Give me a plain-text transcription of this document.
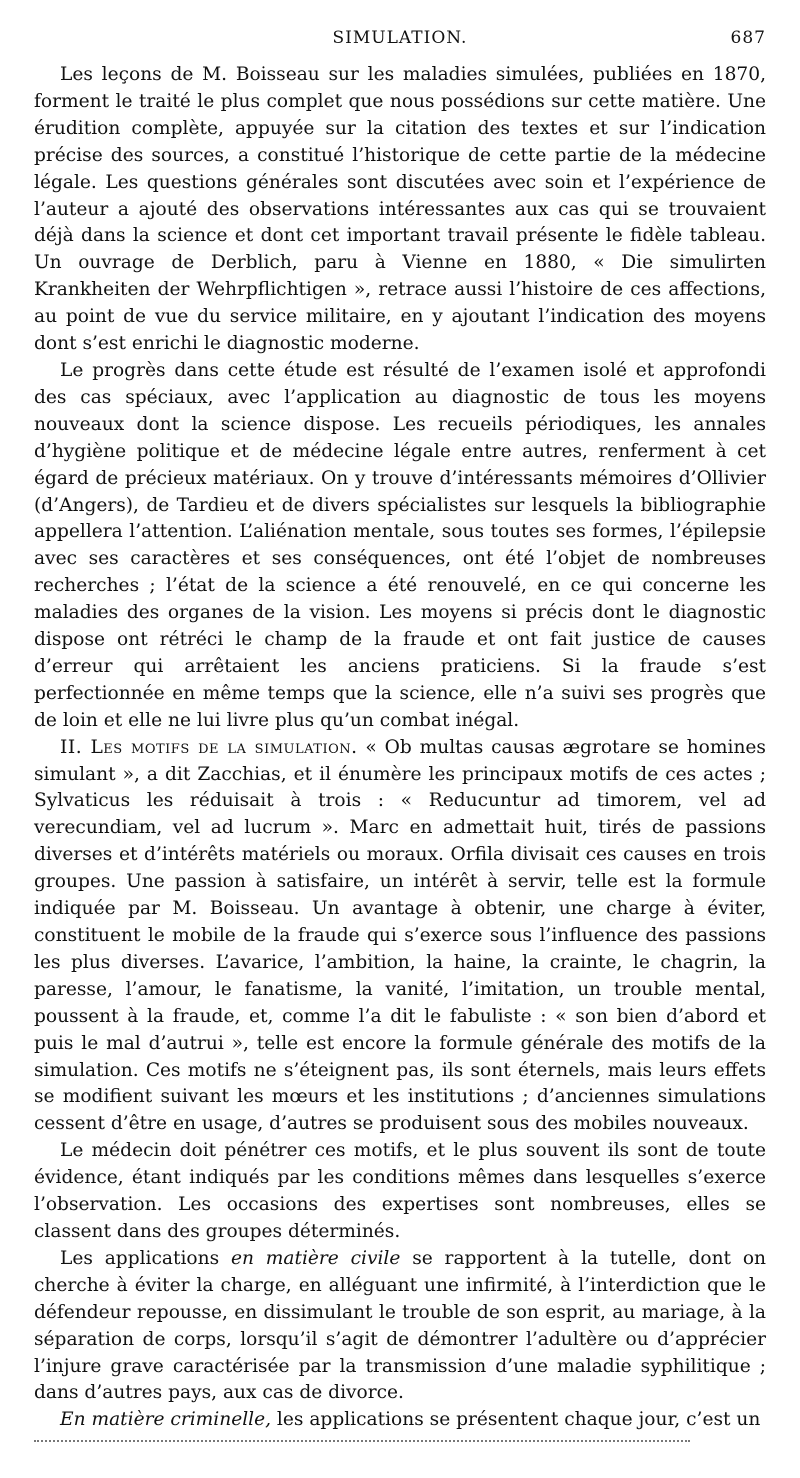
SIMULATION.	687

Les leçons de M. Boisseau sur les maladies simulées, publiées en 1870, forment le traité le plus complet que nous possédions sur cette matière. Une érudition complète, appuyée sur la citation des textes et sur l’indication précise des sources, a constitué l’historique de cette partie de la médecine légale. Les questions générales sont discutées avec soin et l’expérience de l’auteur a ajouté des observations intéressantes aux cas qui se trouvaient déjà dans la science et dont cet important travail présente le fidèle tableau. Un ouvrage de Derblich, paru à Vienne en 1880, « Die simulirten Krankheiten der Wehrpflichtigen », retrace aussi l’histoire de ces affections, au point de vue du service militaire, en y ajoutant l’indication des moyens dont s’est enrichi le diagnostic moderne.

Le progrès dans cette étude est résulté de l’examen isolé et approfondi des cas spéciaux, avec l’application au diagnostic de tous les moyens nouveaux dont la science dispose. Les recueils périodiques, les annales d’hygiène politique et de médecine légale entre autres, renferment à cet égard de précieux matériaux. On y trouve d’intéressants mémoires d’Ollivier (d’Angers), de Tardieu et de divers spécialistes sur lesquels la bibliographie appellera l’attention. L’aliénation mentale, sous toutes ses formes, l’épilepsie avec ses caractères et ses conséquences, ont été l’objet de nombreuses recherches ; l’état de la science a été renouvelé, en ce qui concerne les maladies des organes de la vision. Les moyens si précis dont le diagnostic dispose ont rétréci le champ de la fraude et ont fait justice de causes d’erreur qui arrêtaient les anciens praticiens. Si la fraude s’est perfectionnée en même temps que la science, elle n’a suivi ses progrès que de loin et elle ne lui livre plus qu’un combat inégal.

II. Les motifs de la simulation. « Ob multas causas ægrotare se homines simulant », a dit Zacchias, et il énumère les principaux motifs de ces actes ; Sylvaticus les réduisait à trois : « Reducuntur ad timorem, vel ad verecundiam, vel ad lucrum ». Marc en admettait huit, tirés de passions diverses et d’intérêts matériels ou moraux. Orfila divisait ces causes en trois groupes. Une passion à satisfaire, un intérêt à servir, telle est la formule indiquée par M. Boisseau. Un avantage à obtenir, une charge à éviter, constituent le mobile de la fraude qui s’exerce sous l’influence des passions les plus diverses. L’avarice, l’ambition, la haine, la crainte, le chagrin, la paresse, l’amour, le fanatisme, la vanité, l’imitation, un trouble mental, poussent à la fraude, et, comme l’a dit le fabuliste : « son bien d’abord et puis le mal d’autrui », telle est encore la formule générale des motifs de la simulation. Ces motifs ne s’éteignent pas, ils sont éternels, mais leurs effets se modifient suivant les mœurs et les institutions ; d’anciennes simulations cessent d’être en usage, d’autres se produisent sous des mobiles nouveaux.

Le médecin doit pénétrer ces motifs, et le plus souvent ils sont de toute évidence, étant indiqués par les conditions mêmes dans lesquelles s’exerce l’observation. Les occasions des expertises sont nombreuses, elles se classent dans des groupes déterminés.

Les applications en matière civile se rapportent à la tutelle, dont on cherche à éviter la charge, en alléguant une infirmité, à l’interdiction que le défendeur repousse, en dissimulant le trouble de son esprit, au mariage, à la séparation de corps, lorsqu’il s’agit de démontrer l’adultère ou d’apprécier l’injure grave caractérisée par la transmission d’une maladie syphilitique ; dans d’autres pays, aux cas de divorce.

En matière criminelle, les applications se présentent chaque jour, c’est un
